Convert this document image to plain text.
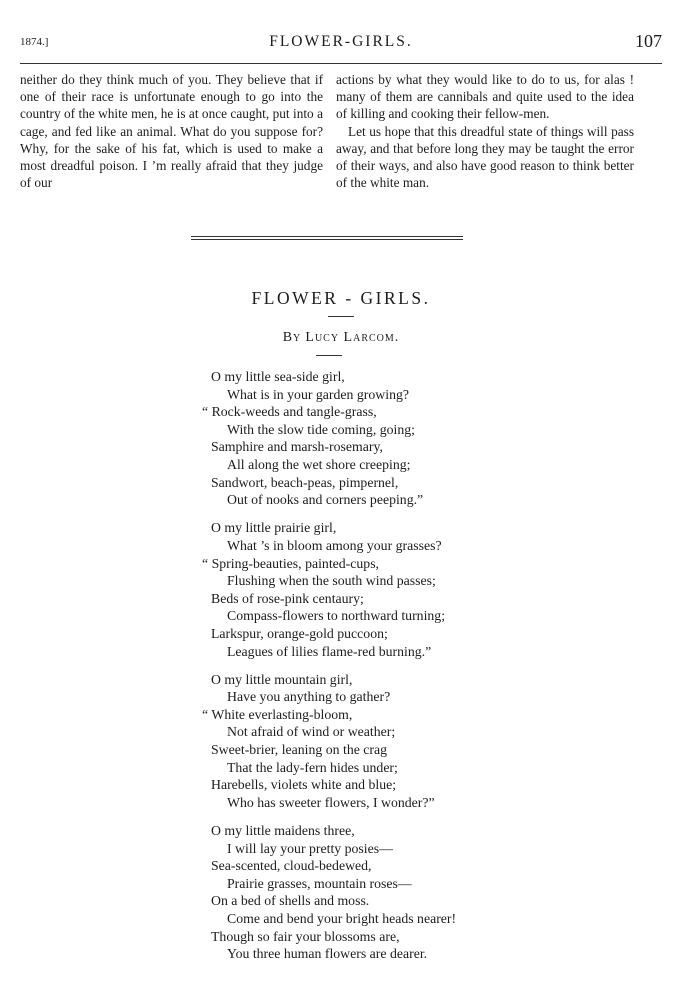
1874.]	FLOWER-GIRLS.	107

neither do they think much of you. They believe that if one of their race is unfortunate enough to go into the country of the white men, he is at once caught, put into a cage, and fed like an animal. What do you suppose for? Why, for the sake of his fat, which is used to make a most dreadful poison. I ’m really afraid that they judge of our

actions by what they would like to do to us, for alas ! many of them are cannibals and quite used to the idea of killing and cooking their fellow-men.

Let us hope that this dreadful state of things will pass away, and that before long they may be taught the error of their ways, and also have good reason to think better of the white man.

FLOWER - GIRLS.
By Lucy Larcom.
O my little sea-side girl,
What is in your garden growing?
“ Rock-weeds and tangle-grass,
With the slow tide coming, going;
Samphire and marsh-rosemary,
All along the wet shore creeping;
Sandwort, beach-peas, pimpernel,
Out of nooks and corners peeping.”
O my little prairie girl,
What ’s in bloom among your grasses?
“ Spring-beauties, painted-cups,
Flushing when the south wind passes;
Beds of rose-pink centaury;
Compass-flowers to northward turning;
Larkspur, orange-gold puccoon;
Leagues of lilies flame-red burning.”
O my little mountain girl,
Have you anything to gather?
“ White everlasting-bloom,
Not afraid of wind or weather;
Sweet-brier, leaning on the crag
That the lady-fern hides under;
Harebells, violets white and blue;
Who has sweeter flowers, I wonder?”
O my little maidens three,
I will lay your pretty posies—
Sea-scented, cloud-bedewed,
Prairie grasses, mountain roses—
On a bed of shells and moss.
Come and bend your bright heads nearer!
Though so fair your blossoms are,
You three human flowers are dearer.
